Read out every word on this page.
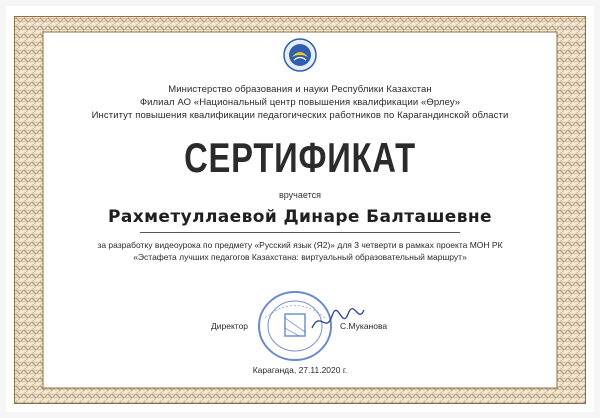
Министерство образования и науки Республики Казахстан
Филиал АО «Национальный центр повышения квалификации «Өрлеу»
Институт повышения квалификации педагогических работников по Карагандинской области
СЕРТИФИКАТ
вручается
Рахметуллаевой Динаре Балташевне
за разработку видеоурока по предмету «Русский язык (Я2)» для 3 четверти в рамках проекта МОН РК
«Эстафета лучших педагогов Казахстана: виртуальный образовательный маршрут»
Директор	С.Муканова
Караганда, 27.11.2020 г.
